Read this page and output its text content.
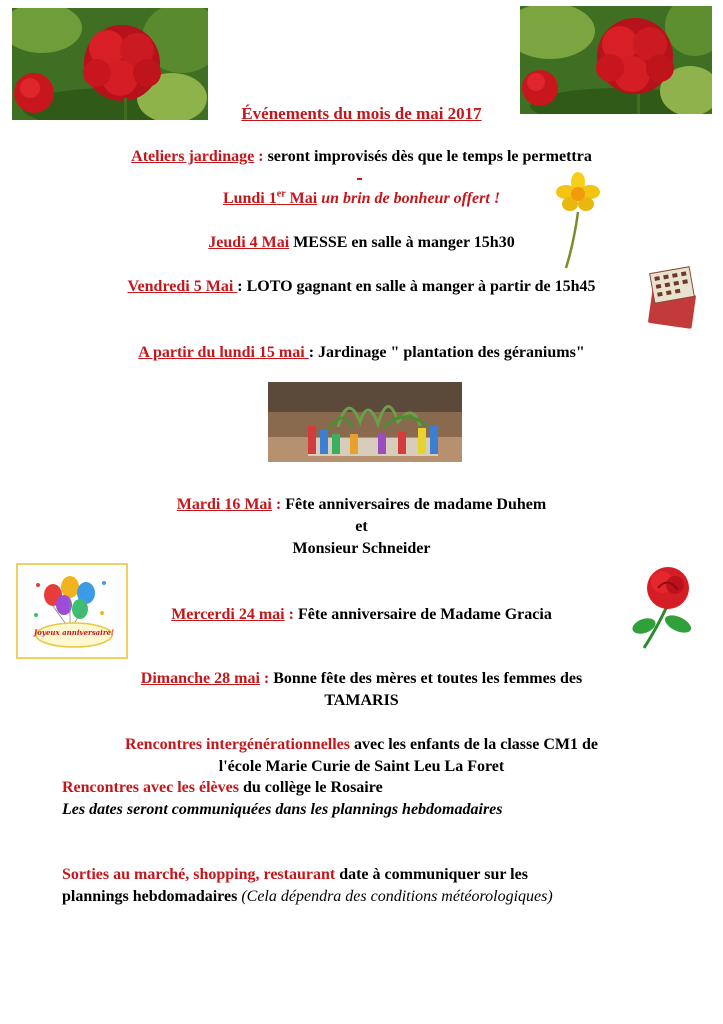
Événements du mois de mai 2017
Ateliers jardinage : seront improvisés dès que le temps le permettra
Lundi 1er Mai un brin de bonheur offert !
Jeudi 4 Mai MESSE en salle à manger 15h30
Vendredi 5 Mai : LOTO gagnant en salle à manger à partir de 15h45
A partir du lundi 15 mai : Jardinage " plantation des géraniums"
Mardi 16 Mai : Fête anniversaires de madame Duhem
et
Monsieur Schneider
Joyeux anniversaire!
Mercerdi 24 mai : Fête anniversaire de Madame Gracia
Dimanche 28 mai : Bonne fête des mères et toutes les femmes des
TAMARIS
Rencontres intergénérationnelles avec les enfants de la classe CM1 de
l'école Marie Curie de Saint Leu La Foret
Rencontres avec les élèves du collège le Rosaire
Les dates seront communiquées dans les plannings hebdomadaires
Sorties au marché, shopping, restaurant date à communiquer sur les
plannings hebdomadaires (Cela dépendra des conditions météorologiques)
